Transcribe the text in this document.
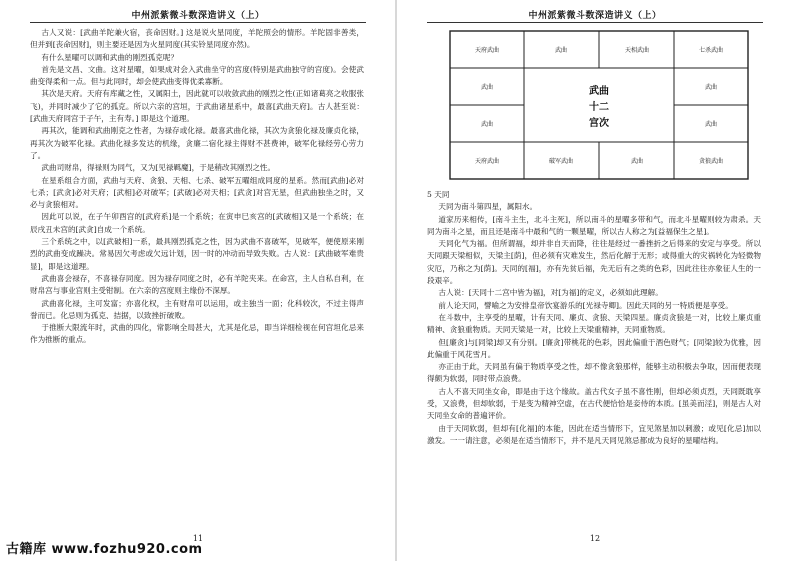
中州派紫微斗数深造讲义（上）

古人又说：[武曲羊陀兼火宿，丧命因财。] 这是说火星同度，羊陀照会的情形。羊陀固非善类，但并到[丧命因财]，则主要还是因为火星同度(其实铃星同度亦然)。

有什么星曜可以调和武曲的刚烈孤克呢？

首先是文昌、文曲。这对星曜，如果成对会入武曲坐守的宫度(特别是武曲独守的宫度)。会使武曲变得柔和一点。但与此同时，却会使武曲变得优柔寡断。

其次是天府。天府有库藏之性，又属阳土，因此就可以收敛武曲的刚烈之性(正如诸葛亮之收服张飞)，并同时减少了它的孤克。所以六亲的宫垣，于武曲诸星系中，最喜[武曲天府]。古人甚至说：[武曲天府同宫于子午，主有寿。] 即是这个道理。

再其次，能调和武曲刚克之性者，为禄存或化禄。最喜武曲化禄，其次为贪狼化禄及廉贞化禄，再其次为破军化禄。武曲化禄多发达的机缘，贪廉二宿化禄主得财不甚费神，破军化禄经劳心劳力了。

武曲司财帛，得禄则为同气，又为[见禄羁魔]，于是稍改其刚烈之性。

在星系组合方面，武曲与天府、贪狼、天相、七杀、破军五曜组成同度的星系。然而[武曲]必对七杀；[武贪]必对天府；[武相]必对破军；[武破]必对天相；[武贪]对宫无星，但武曲独坐之时，又必与贪狼相对。

因此可以说，在子午卯酉宫的[武府系]是一个系统；在寅申巳亥宫的[武破相]又是一个系统；在辰戌丑未宫的[武贪]自成一个系统。

三个系统之中，以[武破相]一系，最具刚烈孤克之性，因为武曲不喜破军，见破军，便使原来刚烈的武曲变成躁决。常易因欠考虑或欠远计划，因一时的冲动而导致失败。古人说：[武曲破军难贵显]，即是这道理。

武曲喜会禄存，不喜禄存同度。因为禄存同度之时，必有羊陀夹来。在命宫，主人自私自利，在财帛宫与事业宫则主受钳制。在六亲的宫度则主缘份不深厚。

武曲喜化禄，主可发富；亦喜化权，主有财帛可以运用，或主独当一面；化科较次，不过主得声誉而已。化忌则为孤克、拮据，以致挫折破败。

于推断大限流年时，武曲的四化，常影响全局甚大，尤其是化忌，即当详细检视在何宫坦化忌来作为推断的重点。

11
中州派紫微斗数深造讲义（上）
武曲
十二
宫次
天府武曲	武曲	天相武曲	七杀武曲
武曲	武曲
武曲	武曲
天府武曲	破军武曲	武曲	贪狼武曲

5 天同

天同为南斗第四星，属阳水。

道家历来相传，[南斗主生，北斗主死]，所以南斗的星曜多带和气，而北斗星曜则较为肃杀。天同为南斗之星，而且还是南斗中最和气的一颗星曜，所以古人称之为[益福保生之星]。

天同化气为福。但所谓福，却并非自天而降，往往是经过一番挫折之后得来的安定与享受。所以天同跟天梁相似，天梁主[荫]，但必须有灾难发生，然后化解于无形；或得重大的灾祸转化为轻微物灾厄，乃称之为[荫]。天同的[福]，亦有先贫后福，先无后有之类的色彩，因此往往亦象征人生的一段艰辛。

古人说：[天同十二宫中皆为福]，对[为福]的定义，必须如此理解。

前人论天同，譬喻之为安排皇帝饮宴游乐的[光禄寺卿]。因此天同的另一特质便是享受。

在斗数中，主享受的星曜，计有天同、廉贞、贪狼、天梁四星。廉贞贪狼是一对，比较上廉贞重精神、贪狼重物质。天同天梁是一对，比较上天梁重精神，天同重物质。

但[廉贪]与[同梁]却又有分别。[廉贪]带桃花的色彩，因此偏重于酒色财气；[同梁]较为优雅，因此偏重于风花雪月。

亦正由于此，天同虽有偏于物质享受之性，却不像贪狼那样，能够主动积极去争取，因而便表现得颇为软弱，同时带点浪费。

古人不喜天同坐女命，即是由于这个缘故。盖古代女子虽不喜性刚，但却必须贞烈，天同既耽享受，又浪费，但却软弱，于是变为精神空虚，在古代便恰恰是妾侍的本质。[虽美而淫]，则是古人对天同坐女命的普遍评价。

由于天同软弱，但却有[化福]的本能，因此在适当情形下，宜见煞星加以刺激；或见[化忌]加以激发。一一请注意，必须是在适当情形下，并不是凡天同见煞忌都成为良好的星曜结构。

12
古籍库 www.fozhu920.com
